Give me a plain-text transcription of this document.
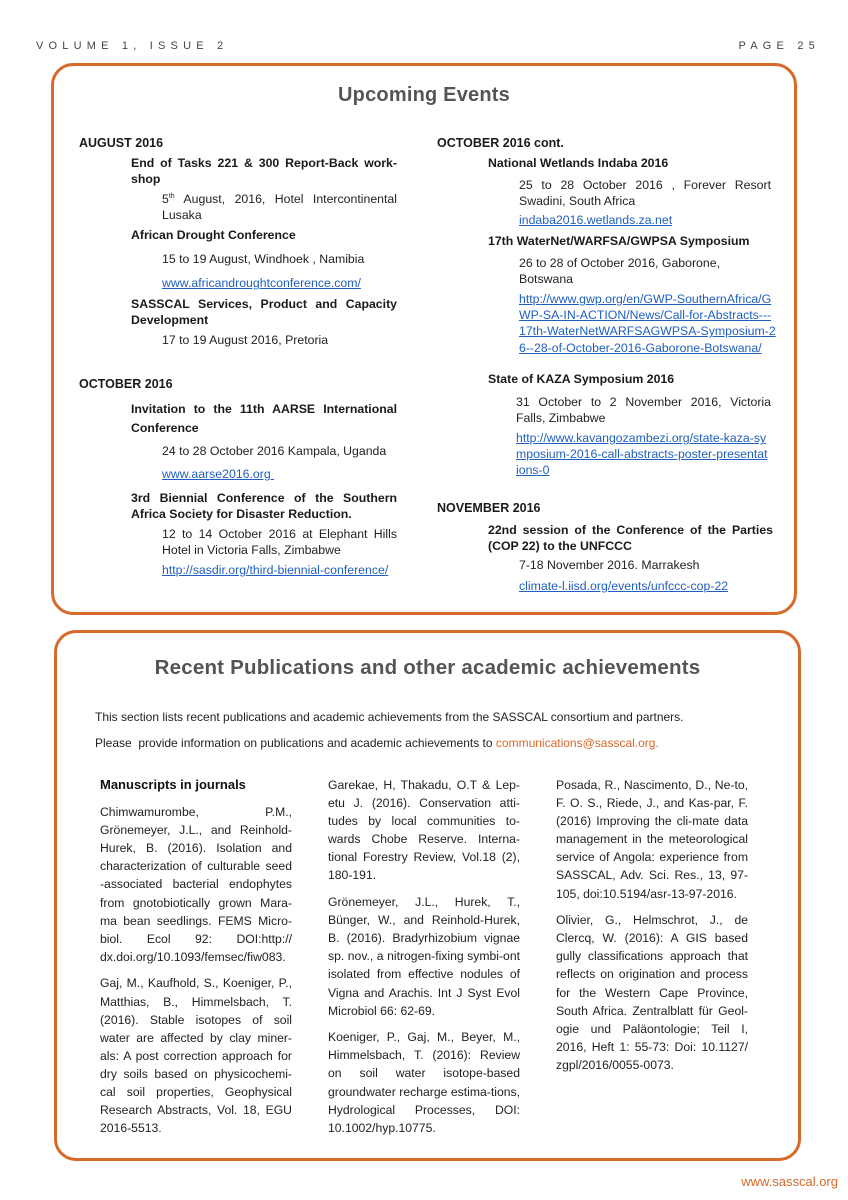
VOLUME 1, ISSUE 2	PAGE 25
Upcoming Events
AUGUST 2016
End of Tasks 221 & 300 Report-Back work-shop
5th August, 2016, Hotel Intercontinental Lusaka
African Drought Conference
15 to 19 August, Windhoek , Namibia
www.africandroughtconference.com/
SASSCAL Services, Product and Capacity Development
17 to 19 August 2016, Pretoria
OCTOBER 2016
Invitation to the 11th AARSE International Conference
24 to 28 October 2016 Kampala, Uganda
www.aarse2016.org
3rd Biennial Conference of the Southern Africa Society for Disaster Reduction.
12 to 14 October 2016 at Elephant Hills Hotel in Victoria Falls, Zimbabwe
http://sasdir.org/third-biennial-conference/
OCTOBER 2016 cont.
National Wetlands Indaba 2016
25 to 28 October 2016 , Forever Resort Swadini, South Africa
indaba2016.wetlands.za.net
17th WaterNet/WARFSA/GWPSA Symposium
26 to 28 of October 2016, Gaborone, Botswana
http://www.gwp.org/en/GWP-SouthernAfrica/GWP-SA-IN-ACTION/News/Call-for-Abstracts---17th-WaterNetWARFSAGWPSA-Symposium-26--28-of-October-2016-Gaborone-Botswana/
State of KAZA Symposium 2016
31 October to 2 November 2016, Victoria Falls, Zimbabwe
http://www.kavangozambezi.org/state-kaza-symposium-2016-call-abstracts-poster-presentations-0
NOVEMBER 2016
22nd session of the Conference of the Parties (COP 22) to the UNFCCC
7-18 November 2016. Marrakesh
climate-l.iisd.org/events/unfccc-cop-22
Recent Publications and other academic achievements
This section lists recent publications and academic achievements from the SASSCAL consortium and partners.
Please  provide information on publications and academic achievements to communications@sasscal.org.
Manuscripts in journals

Chimwamurombe, P.M., Grönemeyer, J.L., and Reinhold-Hurek, B. (2016). Isolation and characterization of culturable seed -associated bacterial endophytes from gnotobiotically grown Mara-ma bean seedlings. FEMS Micro-biol. Ecol 92: DOI:http:// dx.doi.org/10.1093/femsec/fiw083.

Gaj, M., Kaufhold, S., Koeniger, P., Matthias, B., Himmelsbach, T. (2016). Stable isotopes of soil water are affected by clay miner-als: A post correction approach for dry soils based on physicochemi-cal soil properties, Geophysical Research Abstracts, Vol. 18, EGU 2016-5513.

Garekae, H, Thakadu, O.T & Lep-etu J. (2016). Conservation atti-tudes by local communities to-wards Chobe Reserve. Interna-tional Forestry Review, Vol.18 (2), 180-191.

Grönemeyer, J.L., Hurek, T., Bünger, W., and Reinhold-Hurek, B. (2016). Bradyrhizobium vignae sp. nov., a nitrogen-fixing symbi-ont isolated from effective nodules of Vigna and Arachis. Int J Syst Evol Microbiol 66: 62-69.

Koeniger, P., Gaj, M., Beyer, M., Himmelsbach, T. (2016): Review on soil water isotope-based groundwater recharge estima-tions, Hydrological Processes, DOI: 10.1002/hyp.10775.

Posada, R., Nascimento, D., Ne-to, F. O. S., Riede, J., and Kas-par, F. (2016) Improving the cli-mate data management in the meteorological service of Angola: experience from SASSCAL, Adv. Sci. Res., 13, 97-105, doi:10.5194/asr-13-97-2016.

Olivier, G., Helmschrot, J., de Clercq, W. (2016): A GIS based gully classifications approach that reflects on origination and process for the Western Cape Province, South Africa. Zentralblatt für Geol-ogie und Paläontologie; Teil I, 2016, Heft 1: 55-73: Doi: 10.1127/ zgpl/2016/0055-0073.

www.sasscal.org
